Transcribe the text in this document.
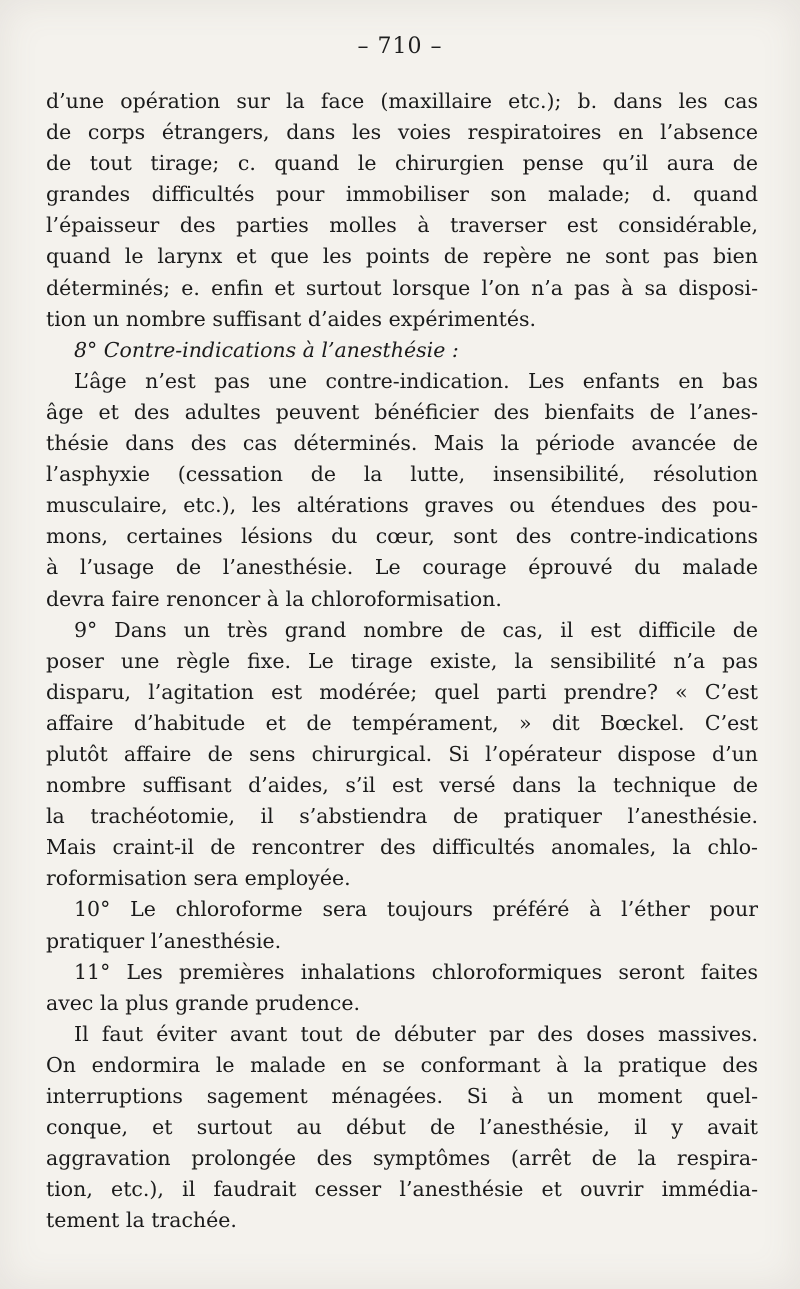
– 710 –
d’une opération sur la face (maxillaire etc.); b. dans les cas
de corps étrangers, dans les voies respiratoires en l’absence
de tout tirage; c. quand le chirurgien pense qu’il aura de
grandes difficultés pour immobiliser son malade; d. quand
l’épaisseur des parties molles à traverser est considérable,
quand le larynx et que les points de repère ne sont pas bien
déterminés; e. enfin et surtout lorsque l’on n’a pas à sa disposi-
tion un nombre suffisant d’aides expérimentés.
8° Contre-indications à l’anesthésie :
L’âge n’est pas une contre-indication. Les enfants en bas
âge et des adultes peuvent bénéficier des bienfaits de l’anes-
thésie dans des cas déterminés. Mais la période avancée de
l’asphyxie (cessation de la lutte, insensibilité, résolution
musculaire, etc.), les altérations graves ou étendues des pou-
mons, certaines lésions du cœur, sont des contre-indications
à l’usage de l’anesthésie. Le courage éprouvé du malade
devra faire renoncer à la chloroformisation.
9° Dans un très grand nombre de cas, il est difficile de
poser une règle fixe. Le tirage existe, la sensibilité n’a pas
disparu, l’agitation est modérée; quel parti prendre? « C’est
affaire d’habitude et de tempérament, » dit Bœckel. C’est
plutôt affaire de sens chirurgical. Si l’opérateur dispose d’un
nombre suffisant d’aides, s’il est versé dans la technique de
la trachéotomie, il s’abstiendra de pratiquer l’anesthésie.
Mais craint-il de rencontrer des difficultés anomales, la chlo-
roformisation sera employée.
10° Le chloroforme sera toujours préféré à l’éther pour
pratiquer l’anesthésie.
11° Les premières inhalations chloroformiques seront faites
avec la plus grande prudence.
Il faut éviter avant tout de débuter par des doses massives.
On endormira le malade en se conformant à la pratique des
interruptions sagement ménagées. Si à un moment quel-
conque, et surtout au début de l’anesthésie, il y avait
aggravation prolongée des symptômes (arrêt de la respira-
tion, etc.), il faudrait cesser l’anesthésie et ouvrir immédia-
tement la trachée.
